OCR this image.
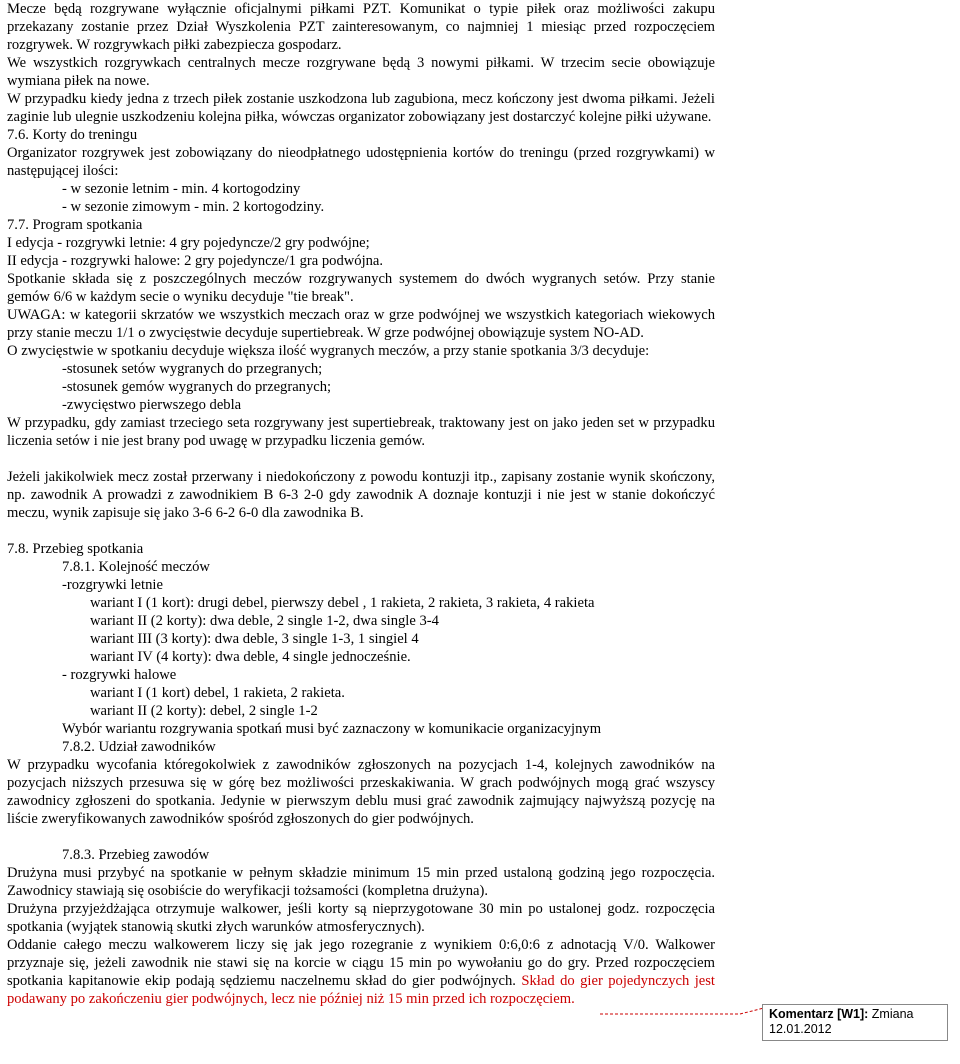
Mecze będą rozgrywane wyłącznie oficjalnymi piłkami PZT. Komunikat o typie piłek oraz możliwości zakupu przekazany zostanie przez Dział Wyszkolenia PZT zainteresowanym, co najmniej 1 miesiąc przed rozpoczęciem rozgrywek. W rozgrywkach piłki zabezpiecza gospodarz.

We wszystkich rozgrywkach centralnych mecze rozgrywane będą 3 nowymi piłkami. W trzecim secie obowiązuje wymiana piłek na nowe.

W przypadku kiedy jedna z trzech piłek zostanie uszkodzona lub zagubiona, mecz kończony jest dwoma piłkami. Jeżeli zaginie lub ulegnie uszkodzeniu kolejna piłka, wówczas organizator zobowiązany jest dostarczyć kolejne piłki używane.

7.6. Korty do treningu

Organizator rozgrywek jest zobowiązany do nieodpłatnego udostępnienia kortów do treningu (przed rozgrywkami) w następującej ilości:

- w sezonie letnim - min. 4 kortogodziny

- w sezonie zimowym - min. 2 kortogodziny.

7.7. Program spotkania

I edycja - rozgrywki letnie: 4 gry pojedyncze/2 gry podwójne;

II edycja - rozgrywki halowe: 2 gry pojedyncze/1 gra podwójna.

Spotkanie składa się z poszczególnych meczów rozgrywanych systemem do dwóch wygranych setów. Przy stanie gemów 6/6 w każdym secie o wyniku decyduje "tie break".

UWAGA: w kategorii skrzatów we wszystkich meczach oraz w grze podwójnej we wszystkich kategoriach wiekowych przy stanie meczu 1/1 o zwycięstwie decyduje supertiebreak. W grze podwójnej obowiązuje system NO-AD.

O zwycięstwie w spotkaniu decyduje większa ilość wygranych meczów, a przy stanie spotkania 3/3 decyduje:

-stosunek setów wygranych do przegranych;
-stosunek gemów wygranych do przegranych;
-zwycięstwo pierwszego debla

W przypadku, gdy zamiast trzeciego seta rozgrywany jest supertiebreak, traktowany jest on jako jeden set w przypadku liczenia setów i nie jest brany pod uwagę w przypadku liczenia gemów.

Jeżeli jakikolwiek mecz został przerwany i niedokończony z powodu kontuzji itp., zapisany zostanie wynik skończony, np. zawodnik A prowadzi z zawodnikiem B 6-3 2-0 gdy zawodnik A doznaje kontuzji i nie jest w stanie dokończyć meczu, wynik zapisuje się jako 3-6 6-2 6-0 dla zawodnika B.

7.8. Przebieg spotkania

7.8.1. Kolejność meczów

-rozgrywki letnie

wariant I (1 kort): drugi debel, pierwszy debel , 1 rakieta, 2 rakieta, 3 rakieta, 4 rakieta

wariant II (2 korty): dwa deble, 2 single 1-2, dwa single 3-4

wariant III (3 korty): dwa deble, 3 single 1-3, 1 singiel 4

wariant IV (4 korty): dwa deble, 4 single jednocześnie.

- rozgrywki halowe

wariant I (1 kort) debel, 1 rakieta, 2 rakieta.

wariant II (2 korty): debel, 2 single 1-2

Wybór wariantu rozgrywania spotkań musi być zaznaczony w komunikacie organizacyjnym

7.8.2. Udział zawodników

W przypadku wycofania któregokolwiek z zawodników zgłoszonych na pozycjach 1-4, kolejnych zawodników na pozycjach niższych przesuwa się w górę bez możliwości przeskakiwania. W grach podwójnych mogą grać wszyscy zawodnicy zgłoszeni do spotkania. Jedynie w pierwszym deblu musi grać zawodnik zajmujący najwyższą pozycję na liście zweryfikowanych zawodników spośród zgłoszonych do gier podwójnych.

7.8.3. Przebieg zawodów

Drużyna musi przybyć na spotkanie w pełnym składzie minimum 15 min przed ustaloną godziną jego rozpoczęcia. Zawodnicy stawiają się osobiście do weryfikacji tożsamości (kompletna drużyna).

Drużyna przyjeżdżająca otrzymuje walkower, jeśli korty są nieprzygotowane 30 min po ustalonej godz. rozpoczęcia spotkania (wyjątek stanowią skutki złych warunków atmosferycznych).

Oddanie całego meczu walkowerem liczy się jak jego rozegranie z wynikiem 0:6,0:6 z adnotacją V/0. Walkower przyznaje się, jeżeli zawodnik nie stawi się na korcie w ciągu 15 min po wywołaniu go do gry. Przed rozpoczęciem spotkania kapitanowie ekip podają sędziemu naczelnemu skład do gier podwójnych. Skład do gier pojedynczych jest podawany po zakończeniu gier podwójnych, lecz nie później niż 15 min przed ich rozpoczęciem.

Komentarz [W1]: Zmiana
12.01.2012
